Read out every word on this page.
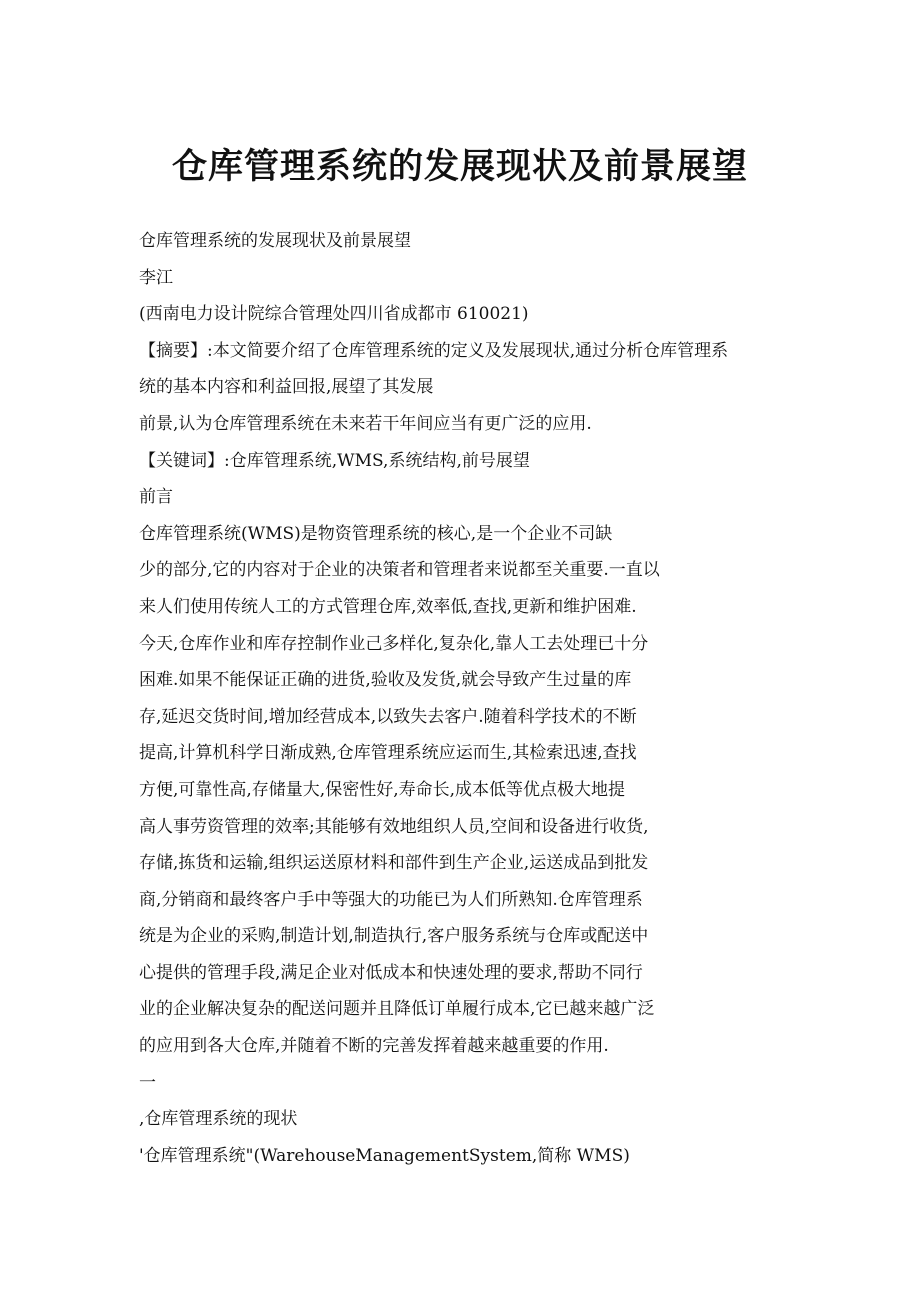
仓库管理系统的发展现状及前景展望

仓库管理系统的发展现状及前景展望

李江

(西南电力设计院综合管理处四川省成都市 610021)

【摘要】:本文简要介绍了仓库管理系统的定义及发展现状,通过分析仓库管理系

统的基本内容和利益回报,展望了其发展

前景,认为仓库管理系统在未来若干年间应当有更广泛的应用.

【关键词】:仓库管理系统,WMS,系统结构,前号展望

前言

仓库管理系统(WMS)是物资管理系统的核心,是一个企业不司缺

少的部分,它的内容对于企业的决策者和管理者来说都至关重要.一直以

来人们使用传统人工的方式管理仓库,效率低,查找,更新和维护困难.

今天,仓库作业和库存控制作业己多样化,复杂化,靠人工去处理已十分

困难.如果不能保证正确的进货,验收及发货,就会导致产生过量的库

存,延迟交货时间,增加经营成本,以致失去客户.随着科学技术的不断

提高,计算机科学日渐成熟,仓库管理系统应运而生,其检索迅速,查找

方便,可靠性高,存储量大,保密性好,寿命长,成本低等优点极大地提

高人事劳资管理的效率;其能够有效地组织人员,空间和设备进行收货,

存储,拣货和运输,组织运送原材料和部件到生产企业,运送成品到批发

商,分销商和最终客户手中等强大的功能已为人们所熟知.仓库管理系

统是为企业的采购,制造计划,制造执行,客户服务系统与仓库或配送中

心提供的管理手段,满足企业对低成本和快速处理的要求,帮助不同行

业的企业解决复杂的配送问题并且降低订单履行成本,它已越来越广泛

的应用到各大仓库,并随着不断的完善发挥着越来越重要的作用.

一

,仓库管理系统的现状

'仓库管理系统"(WarehouseManagementSystem,简称 WMS)
